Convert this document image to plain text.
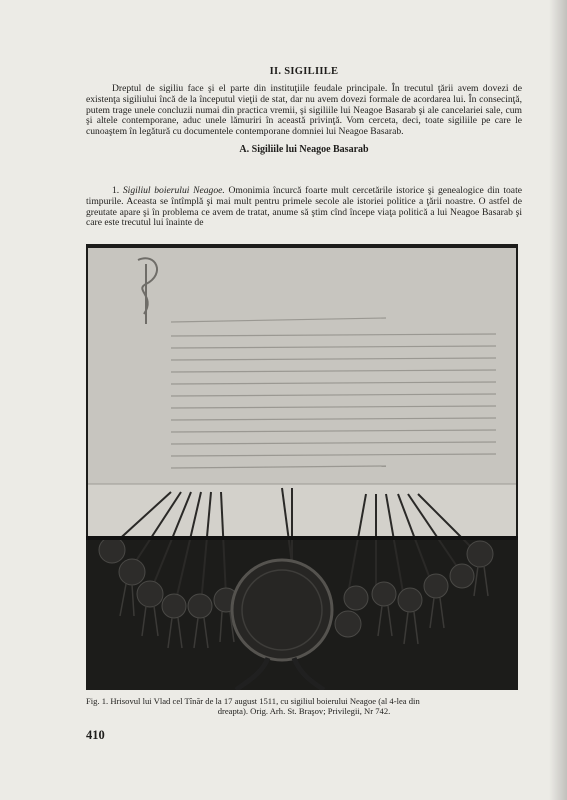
II. SIGILIILE

Dreptul de sigiliu face şi el parte din instituţiile feudale principale. În trecutul ţării avem dovezi de existenţa sigiliului încă de la începutul vieţii de stat, dar nu avem dovezi formale de acordarea lui. În consecinţă, putem trage unele concluzii numai din practica vremii, şi sigiliile lui Neagoe Basarab şi ale cancelariei sale, cum şi altele contemporane, aduc unele lămuriri în această privinţă. Vom cerceta, deci, toate sigiliile pe care le cunoaştem în legătură cu documentele contemporane domniei lui Neagoe Basarab.

A. Sigiliile lui Neagoe Basarab

1. Sigiliul boierului Neagoe. Omonimia încurcă foarte mult cercetările istorice şi genealogice din toate timpurile. Aceasta se întîmplă şi mai mult pentru primele secole ale istoriei politice a ţării noastre. O astfel de greutate apare şi în problema ce avem de tratat, anume să ştim cînd începe viaţa politică a lui Neagoe Basarab şi care este trecutul lui înainte de

Fig. 1. Hrisovul lui Vlad cel Tînăr de la 17 august 1511, cu sigiliul boierului Neagoe (al 4-lea din
dreapta). Orig. Arh. St. Braşov; Privilegii, Nr 742.
410
